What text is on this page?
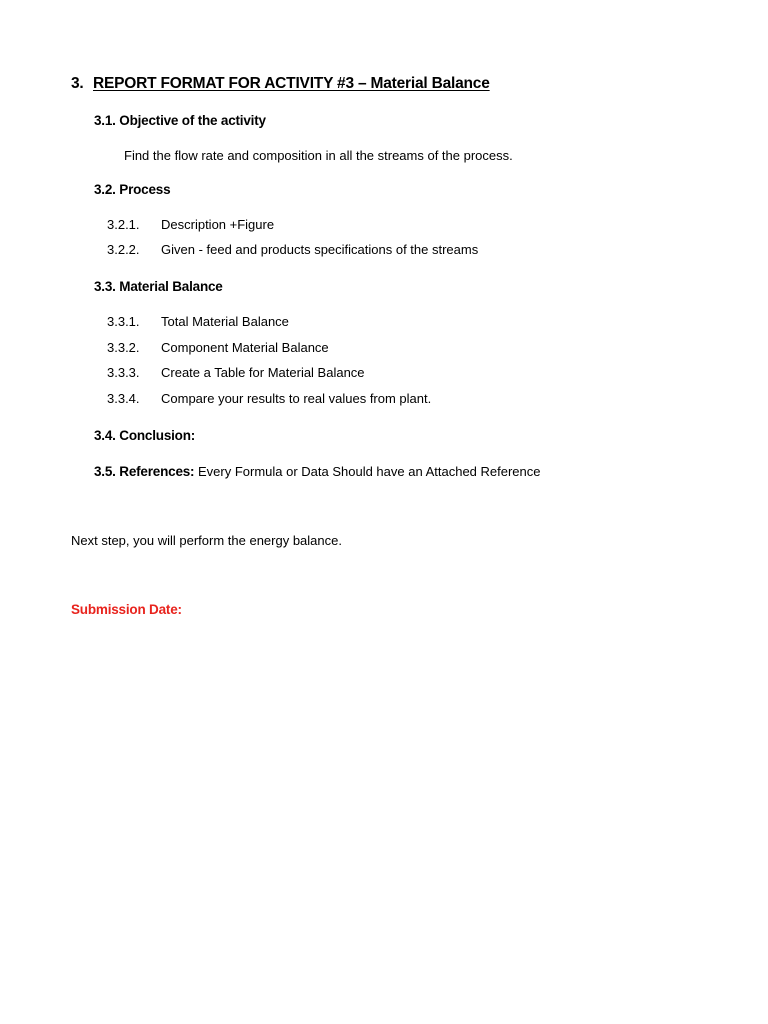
3. REPORT FORMAT FOR ACTIVITY #3 – Material Balance
3.1. Objective of the activity
Find the flow rate and composition in all the streams of the process.
3.2. Process
3.2.1. Description +Figure
3.2.2. Given - feed and products specifications of the streams
3.3. Material Balance
3.3.1. Total Material Balance
3.3.2. Component Material Balance
3.3.3. Create a Table for Material Balance
3.3.4. Compare your results to real values from plant.
3.4. Conclusion:
3.5. References: Every Formula or Data Should have an Attached Reference
Next step, you will perform the energy balance.
Submission Date:
